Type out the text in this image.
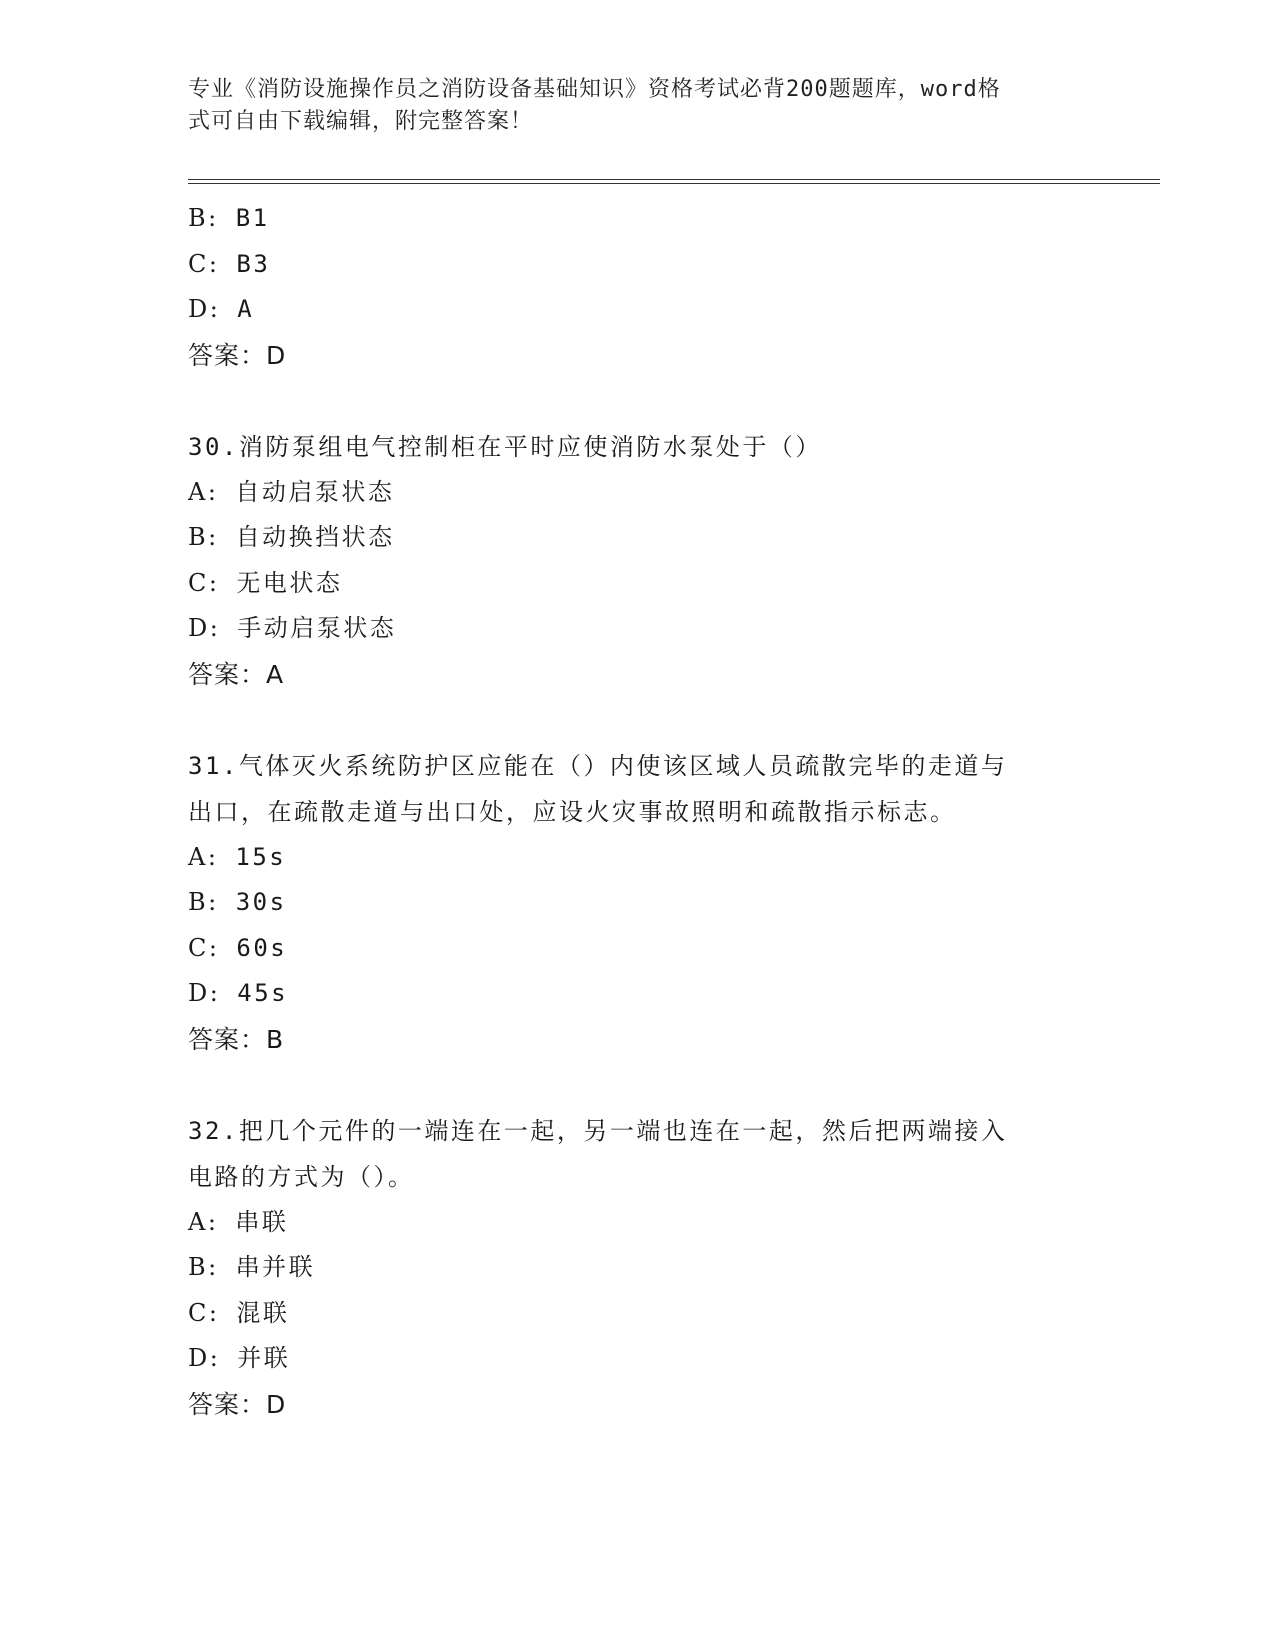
专业《消防设施操作员之消防设备基础知识》资格考试必背200题题库，word格
式可自由下载编辑，附完整答案！
B: B1
C: B3
D: A
答案：D
30.消防泵组电气控制柜在平时应使消防水泵处于（）
A: 自动启泵状态
B: 自动换挡状态
C: 无电状态
D: 手动启泵状态
答案：A
31.气体灭火系统防护区应能在（）内使该区域人员疏散完毕的走道与
出口，在疏散走道与出口处，应设火灾事故照明和疏散指示标志。
A: 15s
B: 30s
C: 60s
D: 45s
答案：B
32.把几个元件的一端连在一起，另一端也连在一起，然后把两端接入
电路的方式为（）。
A: 串联
B: 串并联
C: 混联
D: 并联
答案：D
